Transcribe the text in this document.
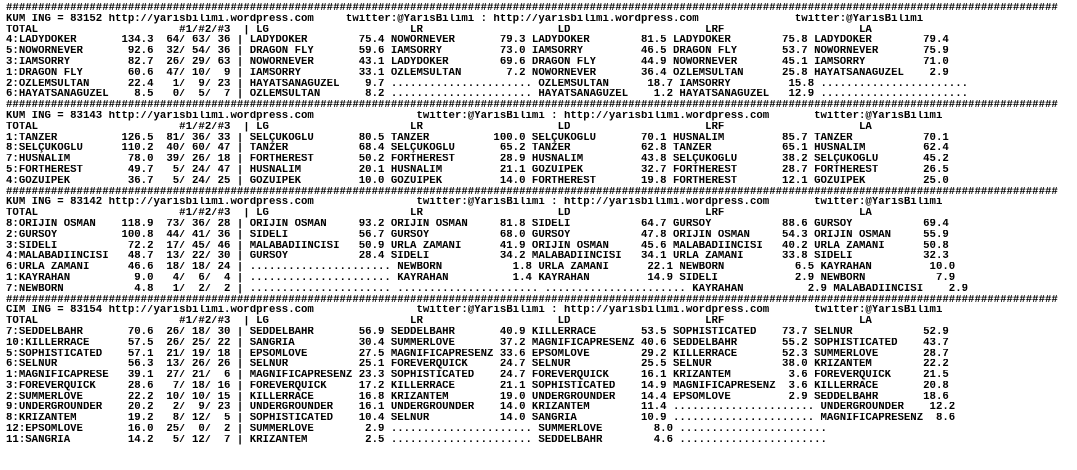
####################################################################################################################################################################
KUM ING = 83152 http://yarisbilimi.wordpress.com     twitter:@YarisBilimi : http://yarisbilimi.wordpress.com               twitter:@YarisBilimi
TOTAL                      #1/#2/#3  | LG                      LR                     LD                     LRF                     LA
4:LADYDÖKER       134.3  64/ 63/ 36 | LADYDÖKER        75.4 NOWORNEVER       79.3 LADYDÖKER        81.5 LADYDÖKER        75.8 LADYDÖKER        79.4
5:NOWORNEVER       92.6  32/ 54/ 36 | DRAGON FLY       59.6 IAMSORRY         73.0 IAMSORRY         46.5 DRAGON FLY       53.7 NOWORNEVER       75.9
3:IAMSORRY         82.7  26/ 29/ 63 | NOWORNEVER       43.1 LADYDÖKER        69.6 DRAGON FLY       44.9 NOWORNEVER       45.1 IAMSORRY         71.0
1:DRAGON FLY       60.6  47/ 10/  9 | IAMSORRY         33.1 ÖZLEMSULTAN       7.2 NOWORNEVER       36.4 ÖZLEMSULTAN      25.8 HAYATSANAGÜZEL    2.9
2:ÖZLEMSULTAN      22.4   1/  9/ 23 | HAYATSANAGÜZEL    9.7 ...................... ÖZLEMSULTAN      18.7 IAMSORRY         15.8 .......................
6:HAYATSANAGÜZEL    8.5   0/  5/  7 | ÖZLEMSULTAN       8.2 ...................... HAYATSANAGÜZEL    1.2 HAYATSANAGÜZEL   12.9 .......................
####################################################################################################################################################################
KUM ING = 83143 http://yarisbilimi.wordpress.com                twitter:@YarisBilimi : http://yarisbilimi.wordpress.com       twitter:@YarisBilimi
TOTAL                      #1/#2/#3  | LG                      LR                     LD                     LRF                     LA
1:TANZER          126.5  81/ 36/ 33 | SELÇUKOĞLU       80.5 TANZER          100.0 SELÇUKOĞLU       70.1 HÜSNALIM         85.7 TANZER           70.1
8:SELÇUKOĞLU      110.2  40/ 60/ 47 | TANZER           68.4 SELÇUKOĞLU       65.2 TANZER           62.8 TANZER           65.1 HÜSNALIM         62.4
7:HÜSNALIM         78.0  39/ 26/ 18 | FORTHEREST       50.2 FORTHEREST       28.9 HÜSNALIM         43.8 SELÇUKOĞLU       38.2 SELÇUKOĞLU       45.2
5:FORTHEREST       49.7   5/ 24/ 47 | HÜSNALIM         20.1 HÜSNALIM         21.1 GÖZÜİPEK         32.7 FORTHEREST       28.7 FORTHEREST       26.5
4:GÖZÜİPEK         36.7   5/ 24/ 25 | GÖZÜİPEK         10.0 GÖZÜİPEK         14.0 FORTHEREST       19.8 FORTHEREST       12.1 GÖZÜİPEK         25.0
####################################################################################################################################################################
KUM ING = 83142 http://yarisbilimi.wordpress.com                twitter:@YarisBilimi : http://yarisbilimi.wordpress.com       twitter:@YarisBilimi
TOTAL                      #1/#2/#3  | LG                      LR                     LD                     LRF                     LA
8:ORİJİN OSMAN    118.9  73/ 36/ 28 | ORİJİN OSMAN     93.2 ORİJİN OSMAN     81.8 SİDELİ           64.7 GÜRSOY           88.6 GÜRSOY           69.4
2:GÜRSOY          100.8  44/ 41/ 36 | SİDELİ           56.7 GÜRSOY           68.0 GÜRSOY           47.8 ORİJİN OSMAN     54.3 ORİJİN OSMAN     55.9
3:SİDELİ           72.2  17/ 45/ 46 | MALABADİİNCİSİ   50.9 URLA ZAMANI      41.9 ORİJİN OSMAN     45.6 MALABADİİNCİSİ   40.2 URLA ZAMANI      50.8
4:MALABADİİNCİSİ   48.7  13/ 22/ 30 | GÜRSOY           28.4 SİDELİ           34.2 MALABADİİNCİSİ   34.1 URLA ZAMANI      33.8 SİDELİ           32.3
6:URLA ZAMANI      46.6  18/ 18/ 24 | ...................... NEWBORN           1.8 URLA ZAMANI      22.1 NEWBORN           6.5 KAYRAHAN         10.0
1:KAYRAHAN          9.0   4/  6/  4 | ...................... KAYRAHAN          1.4 KAYRAHAN         14.9 SİDELİ            2.9 NEWBORN           7.9
7:NEWBORN           4.8   1/  2/  2 | ...................... ...................... ...................... KAYRAHAN          2.9 MALABADİİNCİSİ    2.9
####################################################################################################################################################################
CIM ING = 83154 http://yarisbilimi.wordpress.com                twitter:@YarisBilimi : http://yarisbilimi.wordpress.com       twitter:@YarisBilimi
TOTAL                      #1/#2/#3  | LG                      LR                     LD                     LRF                     LA
7:SEDDELBAHR       70.6  26/ 18/ 30 | SEDDELBAHR       56.9 SEDDELBAHR       40.9 KILLERRACE       53.5 SOPHISTICATED    73.7 SELNUR           52.9
10:KILLERRACE      57.5  26/ 25/ 22 | SANGRIA          30.4 SUMMERLOVE       37.2 MAGNIFICAPRESENZ 40.6 SEDDELBAHR       55.2 SOPHISTICATED    43.7
5:SOPHISTICATED    57.1  21/ 19/ 18 | EPSOMLOVE        27.5 MAGNIFICAPRESENZ 33.6 EPSOMLOVE        29.2 KILLERRACE       52.3 SUMMERLOVE       28.7
6:SELNUR           56.3  13/ 26/ 26 | SELNUR           25.1 FOREVERQUICK     24.7 SELNUR           25.5 SELNUR           38.0 KRIZANTEM        22.2
1:MAGNIFICAPRESE   39.1  27/ 21/  6 | MAGNIFICAPRESENZ 23.3 SOPHISTICATED    24.7 FOREVERQUICK     16.1 KRIZANTEM         3.6 FOREVERQUICK     21.5
3:FOREVERQUICK     28.6   7/ 18/ 16 | FOREVERQUICK     17.2 KILLERRACE       21.1 SOPHISTICATED    14.9 MAGNIFICAPRESENZ  3.6 KILLERRACE       20.8
2:SUMMERLOVE       22.2  10/ 10/ 15 | KILLERRACE       16.8 KRIZANTEM        19.0 UNDERGROUNDER    14.4 EPSOMLOVE         2.9 SEDDELBAHR       18.6
9:UNDERGROUNDER    20.2   2/  9/ 23 | UNDERGROUNDER    16.1 UNDERGROUNDER    14.0 KRIZANTEM        11.4 ...................... UNDERGROUNDER    12.2
8:KRIZANTEM        19.2   8/ 12/  5 | SOPHISTICATED    10.4 SELNUR           14.0 SANGRIA          10.9 ...................... MAGNIFICAPRESENZ  8.6
12:EPSOMLOVE       16.0  25/  0/  2 | SUMMERLOVE        2.9 ...................... SUMMERLOVE        8.0 .......................
11:SANGRIA         14.2   5/ 12/  7 | KRIZANTEM         2.5 ...................... SEDDELBAHR        4.6 .......................
